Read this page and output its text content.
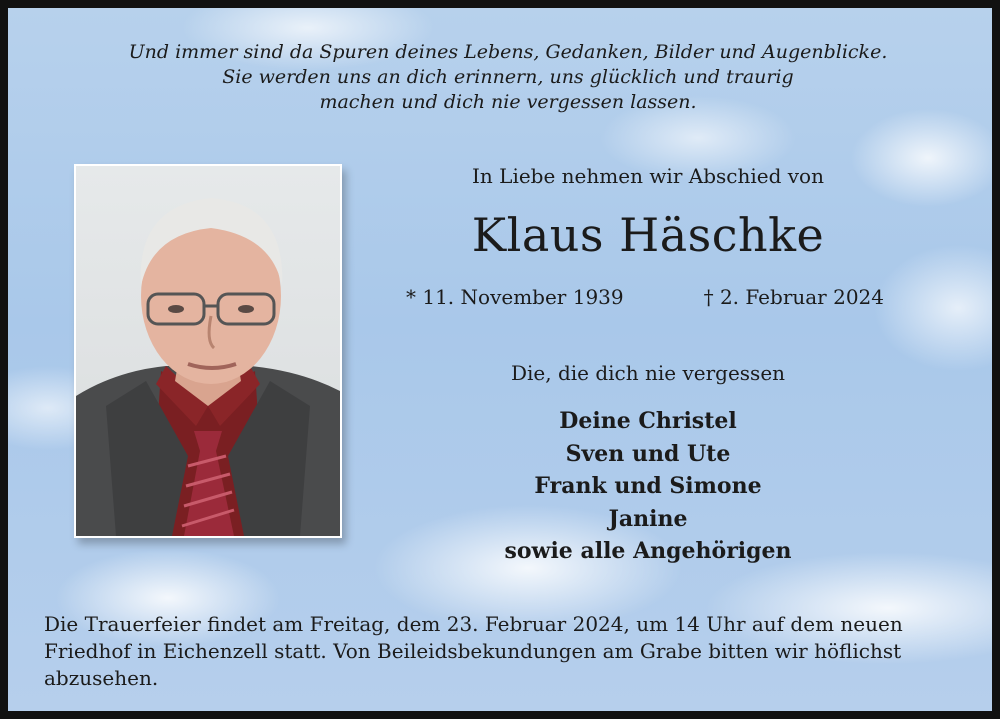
Und immer sind da Spuren deines Lebens, Gedanken, Bilder und Augenblicke.
Sie werden uns an dich erinnern, uns glücklich und traurig
machen und dich nie vergessen lassen.
In Liebe nehmen wir Abschied von
Klaus Häschke
* 11. November 1939	† 2. Februar 2024
Die, die dich nie vergessen
Deine Christel
Sven und Ute
Frank und Simone
Janine
sowie alle Angehörigen
Die Trauerfeier findet am Freitag, dem 23. Februar 2024, um 14 Uhr auf dem neuen Friedhof in Eichenzell statt. Von Beileidsbekundungen am Grabe bitten wir höflichst abzusehen.
